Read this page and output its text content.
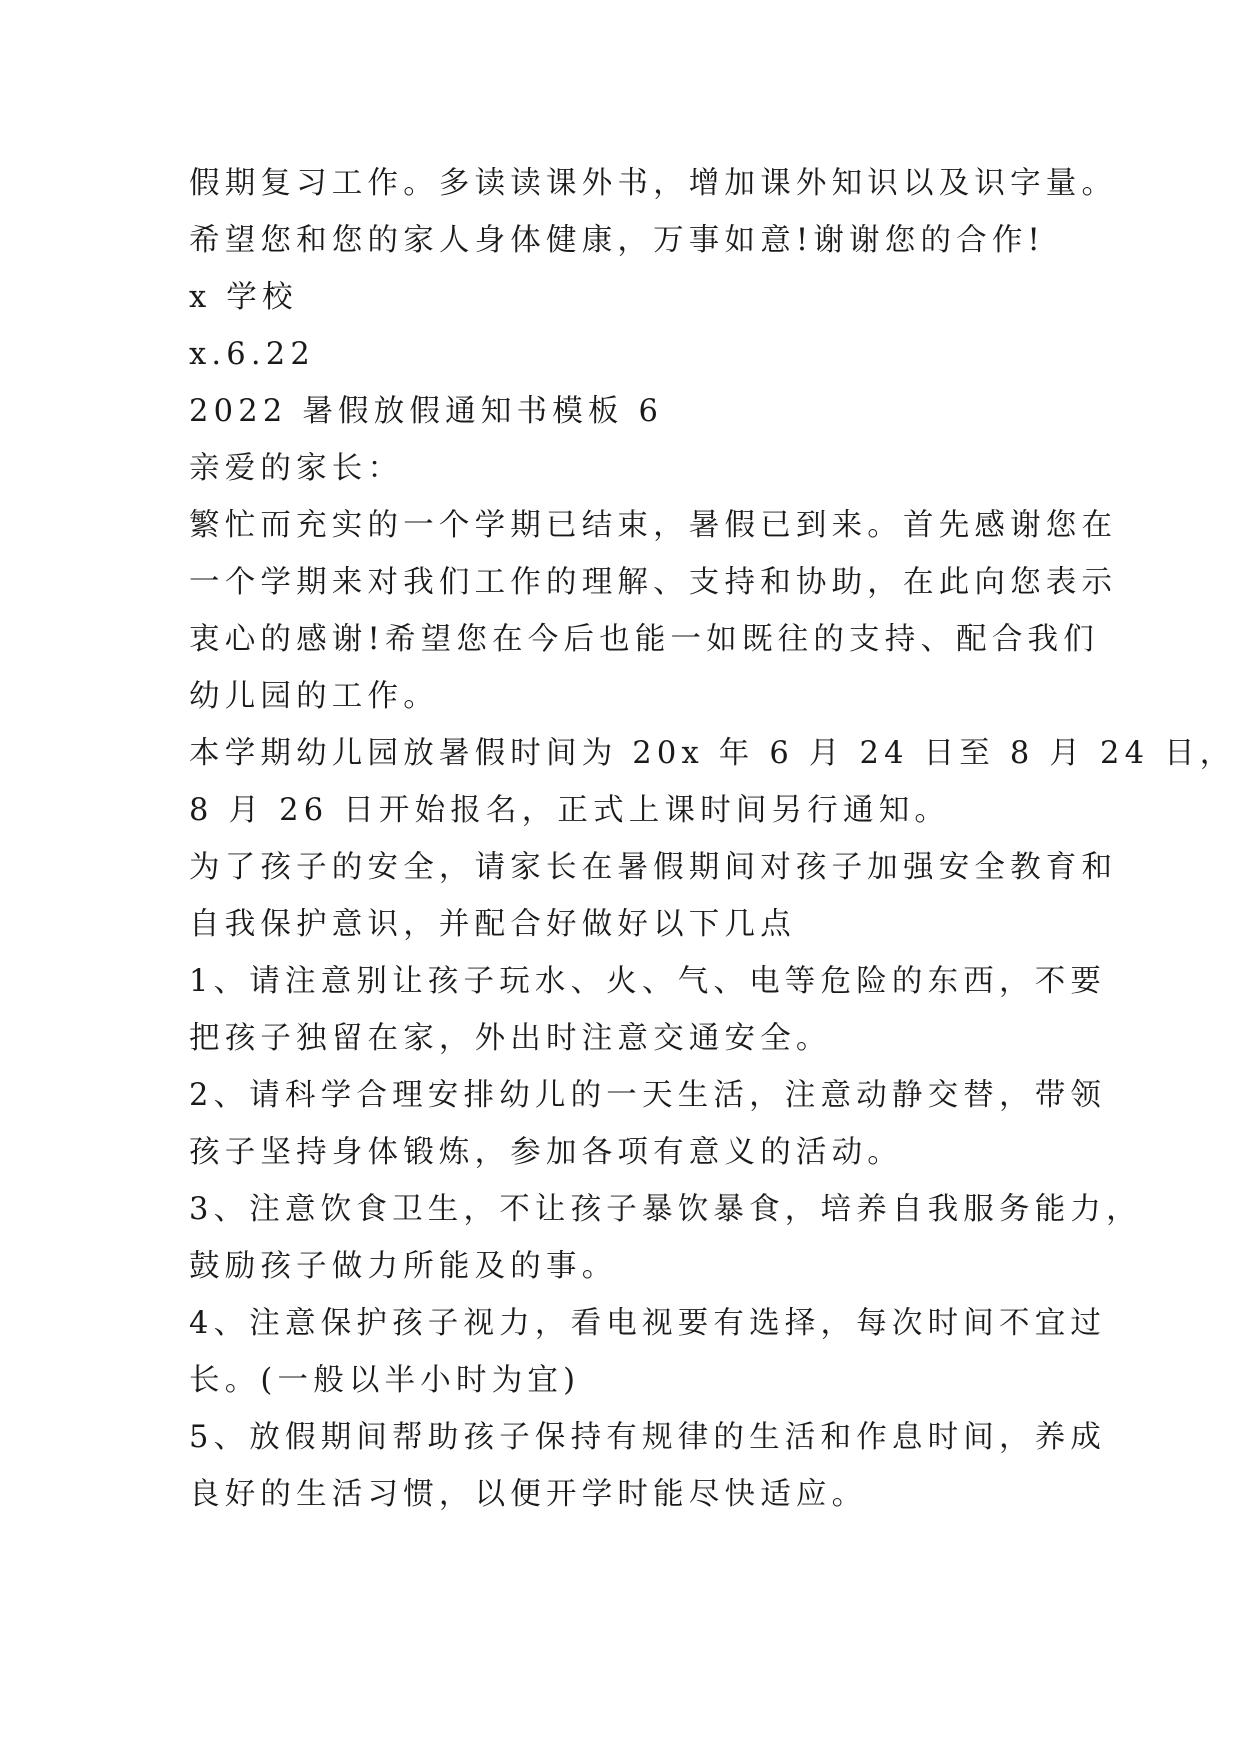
假期复习工作。多读读课外书，增加课外知识以及识字量。
希望您和您的家人身体健康，万事如意!谢谢您的合作!
x 学校
x.6.22
2022 暑假放假通知书模板 6
亲爱的家长：
繁忙而充实的一个学期已结束，暑假已到来。首先感谢您在
一个学期来对我们工作的理解、支持和协助，在此向您表示
衷心的感谢!希望您在今后也能一如既往的支持、配合我们
幼儿园的工作。
本学期幼儿园放暑假时间为 20x 年 6 月 24 日至 8 月 24 日，
8 月 26 日开始报名，正式上课时间另行通知。
为了孩子的安全，请家长在暑假期间对孩子加强安全教育和
自我保护意识，并配合好做好以下几点
1、请注意别让孩子玩水、火、气、电等危险的东西，不要
把孩子独留在家，外出时注意交通安全。
2、请科学合理安排幼儿的一天生活，注意动静交替，带领
孩子坚持身体锻炼，参加各项有意义的活动。
3、注意饮食卫生，不让孩子暴饮暴食，培养自我服务能力，
鼓励孩子做力所能及的事。
4、注意保护孩子视力，看电视要有选择，每次时间不宜过
长。(一般以半小时为宜)
5、放假期间帮助孩子保持有规律的生活和作息时间，养成
良好的生活习惯，以便开学时能尽快适应。
